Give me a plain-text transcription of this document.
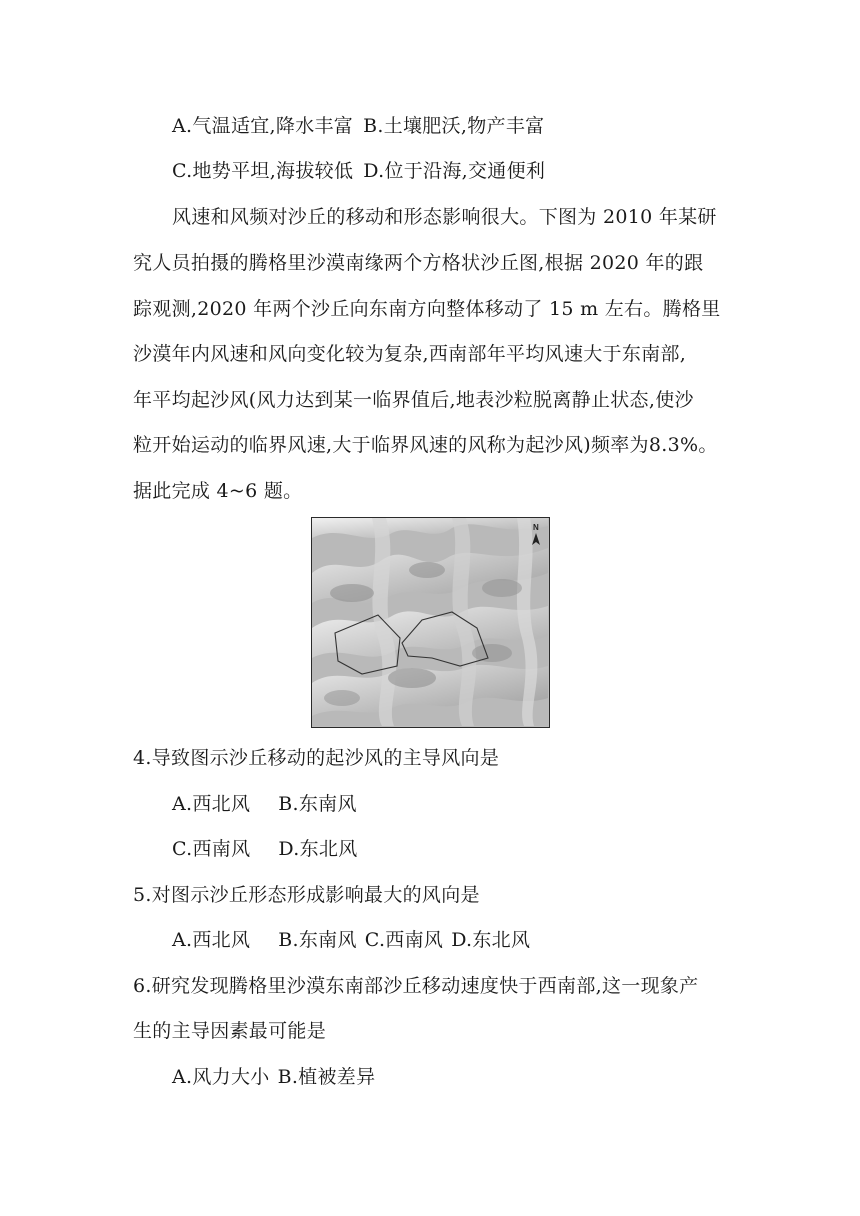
A.气温适宜,降水丰富 B.土壤肥沃,物产丰富
C.地势平坦,海拔较低 D.位于沿海,交通便利
风速和风频对沙丘的移动和形态影响很大。下图为 2010 年某研
究人员拍摄的腾格里沙漠南缘两个方格状沙丘图,根据 2020 年的跟
踪观测,2020 年两个沙丘向东南方向整体移动了 15 m 左右。腾格里
沙漠年内风速和风向变化较为复杂,西南部年平均风速大于东南部,
年平均起沙风(风力达到某一临界值后,地表沙粒脱离静止状态,使沙
粒开始运动的临界风速,大于临界风速的风称为起沙风)频率为8.3%。
据此完成 4~6 题。
N
4.导致图示沙丘移动的起沙风的主导风向是
A.西北风 B.东南风
C.西南风 D.东北风
5.对图示沙丘形态形成影响最大的风向是
A.西北风 B.东南风 C.西南风 D.东北风
6.研究发现腾格里沙漠东南部沙丘移动速度快于西南部,这一现象产
生的主导因素最可能是
A.风力大小 B.植被差异
